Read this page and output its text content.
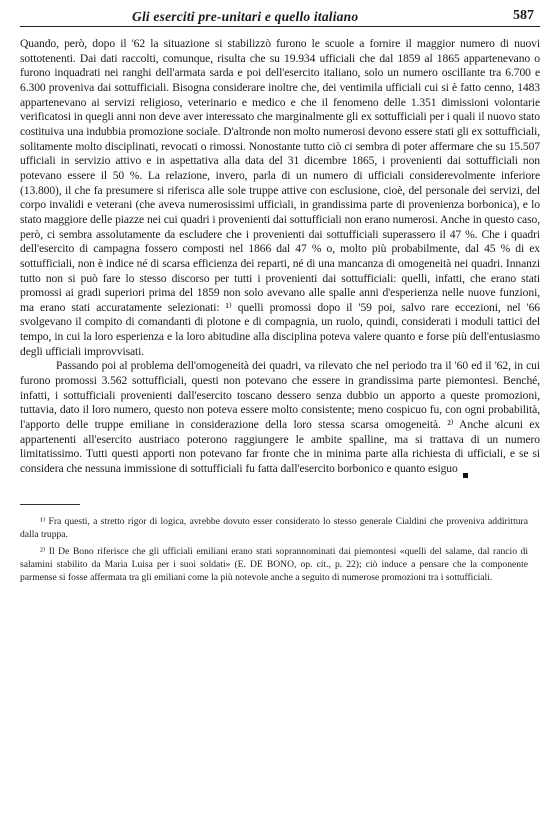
Gli eserciti pre-unitari e quello italiano	587

Quando, però, dopo il '62 la situazione si stabilizzò furono le scuole a fornire il maggior numero di nuovi sottotenenti. Dai dati raccolti, comunque, risulta che su 19.934 ufficiali che dal 1859 al 1865 appartenevano o furono inquadrati nei ranghi dell'armata sarda e poi dell'esercito italiano, solo un numero oscillante tra 6.700 e 6.300 proveniva dai sottufficiali. Bisogna considerare inoltre che, dei ventimila ufficiali cui si è fatto cenno, 1483 appartenevano ai servizi religioso, veterinario e medico e che il fenomeno delle 1.351 dimissioni volontarie verificatosi in quegli anni non deve aver interessato che marginalmente gli ex sottufficiali per i quali il nuovo stato costituiva una indubbia promozione sociale. D'altronde non molto numerosi devono essere stati gli ex sottufficiali, solitamente molto disciplinati, revocati o rimossi. Nonostante tutto ciò ci sembra di poter affermare che su 15.507 ufficiali in servizio attivo e in aspettativa alla data del 31 dicembre 1865, i provenienti dai sottufficiali non potevano essere il 50 %. La relazione, invero, parla di un numero di ufficiali considerevolmente inferiore (13.800), il che fa presumere si riferisca alle sole truppe attive con esclusione, cioè, del personale dei servizi, del corpo invalidi e veterani (che aveva numerosissimi ufficiali, in grandissima parte di provenienza borbonica), e lo stato maggiore delle piazze nei cui quadri i provenienti dai sottufficiali non erano numerosi. Anche in questo caso, però, ci sembra assolutamente da escludere che i provenienti dai sottufficiali superassero il 47 %. Che i quadri dell'esercito di campagna fossero composti nel 1866 dal 47 % o, molto più probabilmente, dal 45 % di ex sottufficiali, non è indice né di scarsa efficienza dei reparti, né di una mancanza di omogeneità nei quadri. Innanzi tutto non si può fare lo stesso discorso per tutti i provenienti dai sottufficiali: quelli, infatti, che erano stati promossi ai gradi superiori prima del 1859 non solo avevano alle spalle anni d'esperienza nelle nuove funzioni, ma erano stati accuratamente selezionati: ¹⁾ quelli promossi dopo il '59 poi, salvo rare eccezioni, nel '66 svolgevano il compito di comandanti di plotone e di compagnia, un ruolo, quindi, considerati i moduli tattici del tempo, in cui la loro esperienza e la loro abitudine alla disciplina poteva valere quanto e forse più dell'entusiasmo degli ufficiali improvvisati.

Passando poi al problema dell'omogeneità dei quadri, va rilevato che nel periodo tra il '60 ed il '62, in cui furono promossi 3.562 sottufficiali, questi non potevano che essere in grandissima parte piemontesi. Benché, infatti, i sottufficiali provenienti dall'esercito toscano dessero senza dubbio un apporto a queste promozioni, tuttavia, dato il loro numero, questo non poteva essere molto consistente; meno cospicuo fu, con ogni probabilità, l'apporto delle truppe emiliane in considerazione della loro stessa scarsa omogeneità. ²⁾ Anche alcuni ex appartenenti all'esercito austriaco poterono raggiungere le ambite spalline, ma si trattava di un numero limitatissimo. Tutti questi apporti non potevano far fronte che in minima parte alla richiesta di ufficiali, e se si considera che nessuna immissione di sottufficiali fu fatta dall'esercito borbonico e quanto esiguo

¹⁾ Fra questi, a stretto rigor di logica, avrebbe dovuto esser considerato lo stesso generale Cialdini che proveniva addirittura dalla truppa.

²⁾ Il De Bono riferisce che gli ufficiali emiliani erano stati soprannominati dai piemontesi «quelli del salame, dal rancio di salamini stabilito da Maria Luisa per i suoi soldati» (E. DE BONO, op. cit., p. 22); ciò induce a pensare che la componente parmense si fosse affermata tra gli emiliani come la più notevole anche a seguito di numerose promozioni tra i sottufficiali.
